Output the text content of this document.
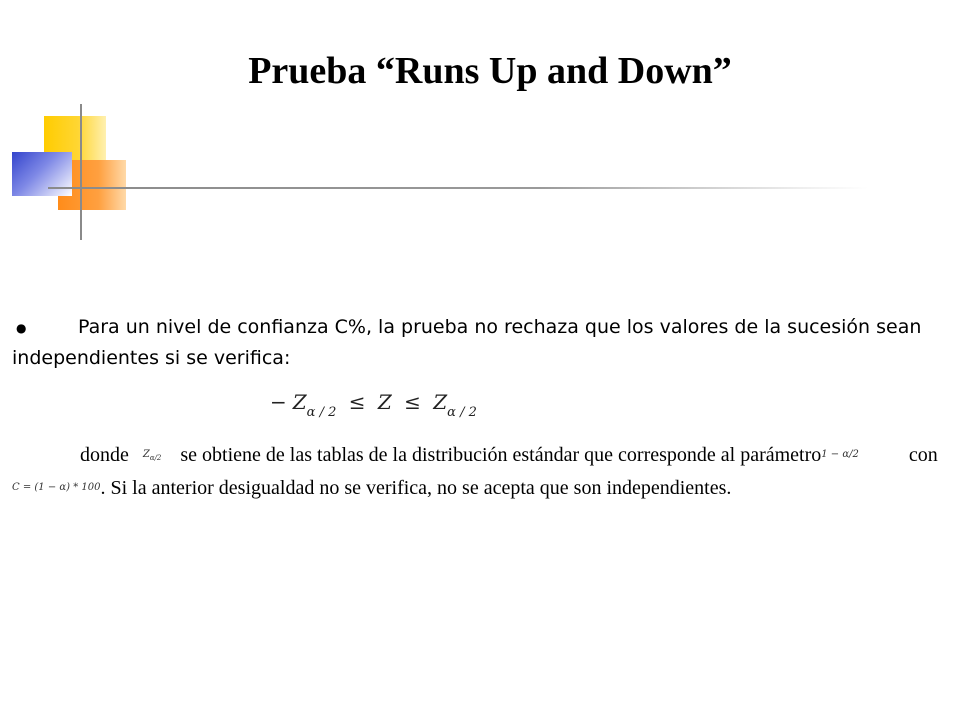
Prueba “Runs Up and Down”

●	Para un nivel de confianza C%, la prueba no rechaza que los valores de la sucesión sean independientes si se verifica:

− $Z_{\alpha / 2} \le Z \le Z_{\alpha / 2}$

donde $Z_{\alpha/2}$ se obtiene de las tablas de la distribución estándar que corresponde al parámetro1 − α/2	conC = (1 − α) * 100. Si la anterior desigualdad no se verifica, no se acepta que son independientes.
